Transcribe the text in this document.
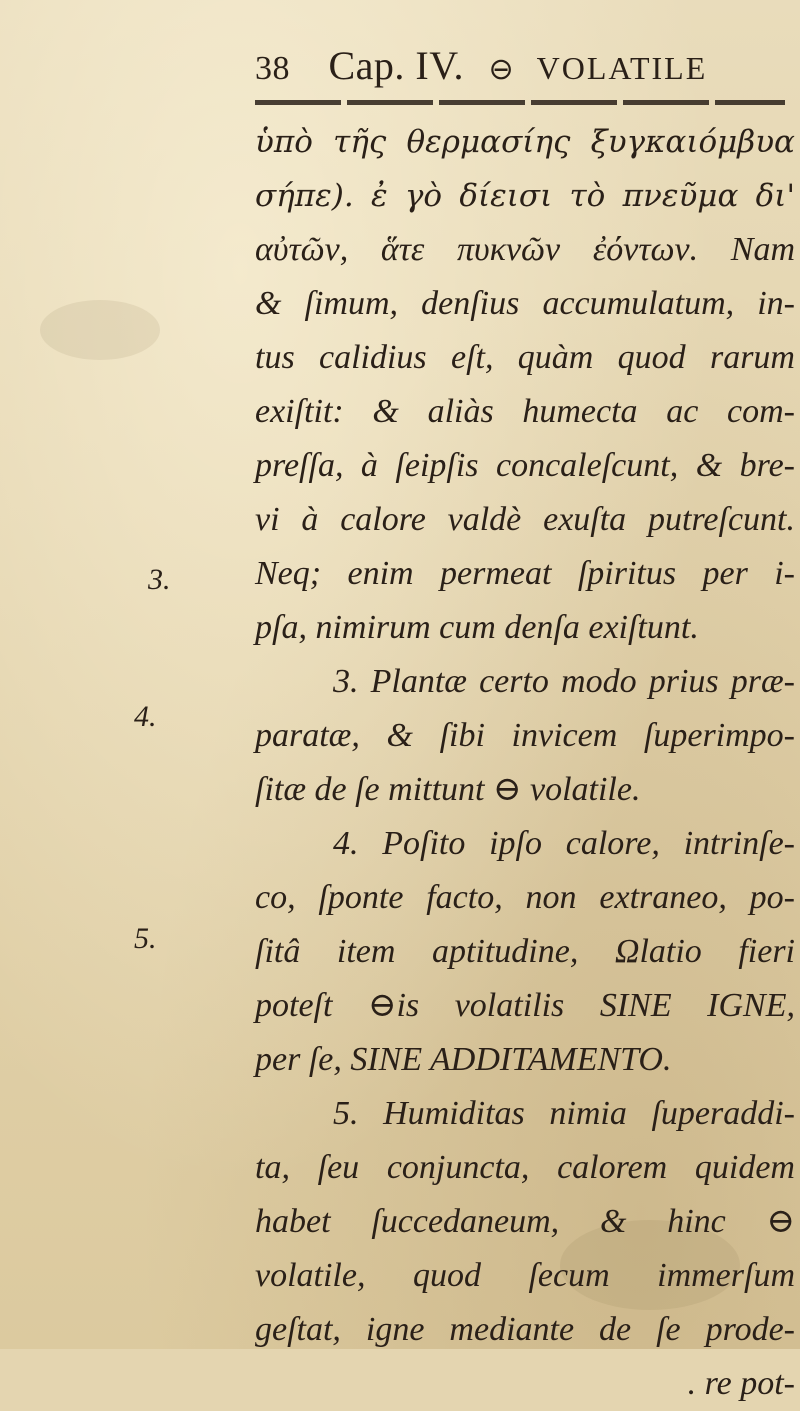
38 Cap. IV. ⊖ VOLATILE
3.
4.
5.
ὑπὸ τῆς θερμασίης ξυγκαιόμβυα
σήπε). ἐ γὸ δίεισι τὸ πνεῦμα δι'
αὐτῶν, ἅτε πυκνῶν ἐόντων. Nam
& ſimum, denſius accumulatum, in-
tus calidius eſt, quàm quod rarum
exiſtit: & aliàs humecta ac com-
preſſa, à ſeipſis concaleſcunt, & bre-
vi à calore valdè exuſta putreſcunt.
Neq; enim permeat ſpiritus per i-
pſa, nimirum cum denſa exiſtunt.
3. Plantæ certo modo prius præ-
paratæ, & ſibi invicem ſuperimpo-
ſitæ de ſe mittunt ⊖ volatile.
4. Poſito ipſo calore, intrinſe-
co, ſponte facto, non extraneo, po-
ſitâ item aptitudine, Ωlatio fieri
poteſt ⊖is volatilis SINE IGNE,
per ſe, SINE ADDITAMENTO.
5. Humiditas nimia ſuperaddi-
ta, ſeu conjuncta, calorem quidem
habet ſuccedaneum, & hinc ⊖
volatile, quod ſecum immerſum
geſtat, igne mediante de ſe prode-
. re pot-
